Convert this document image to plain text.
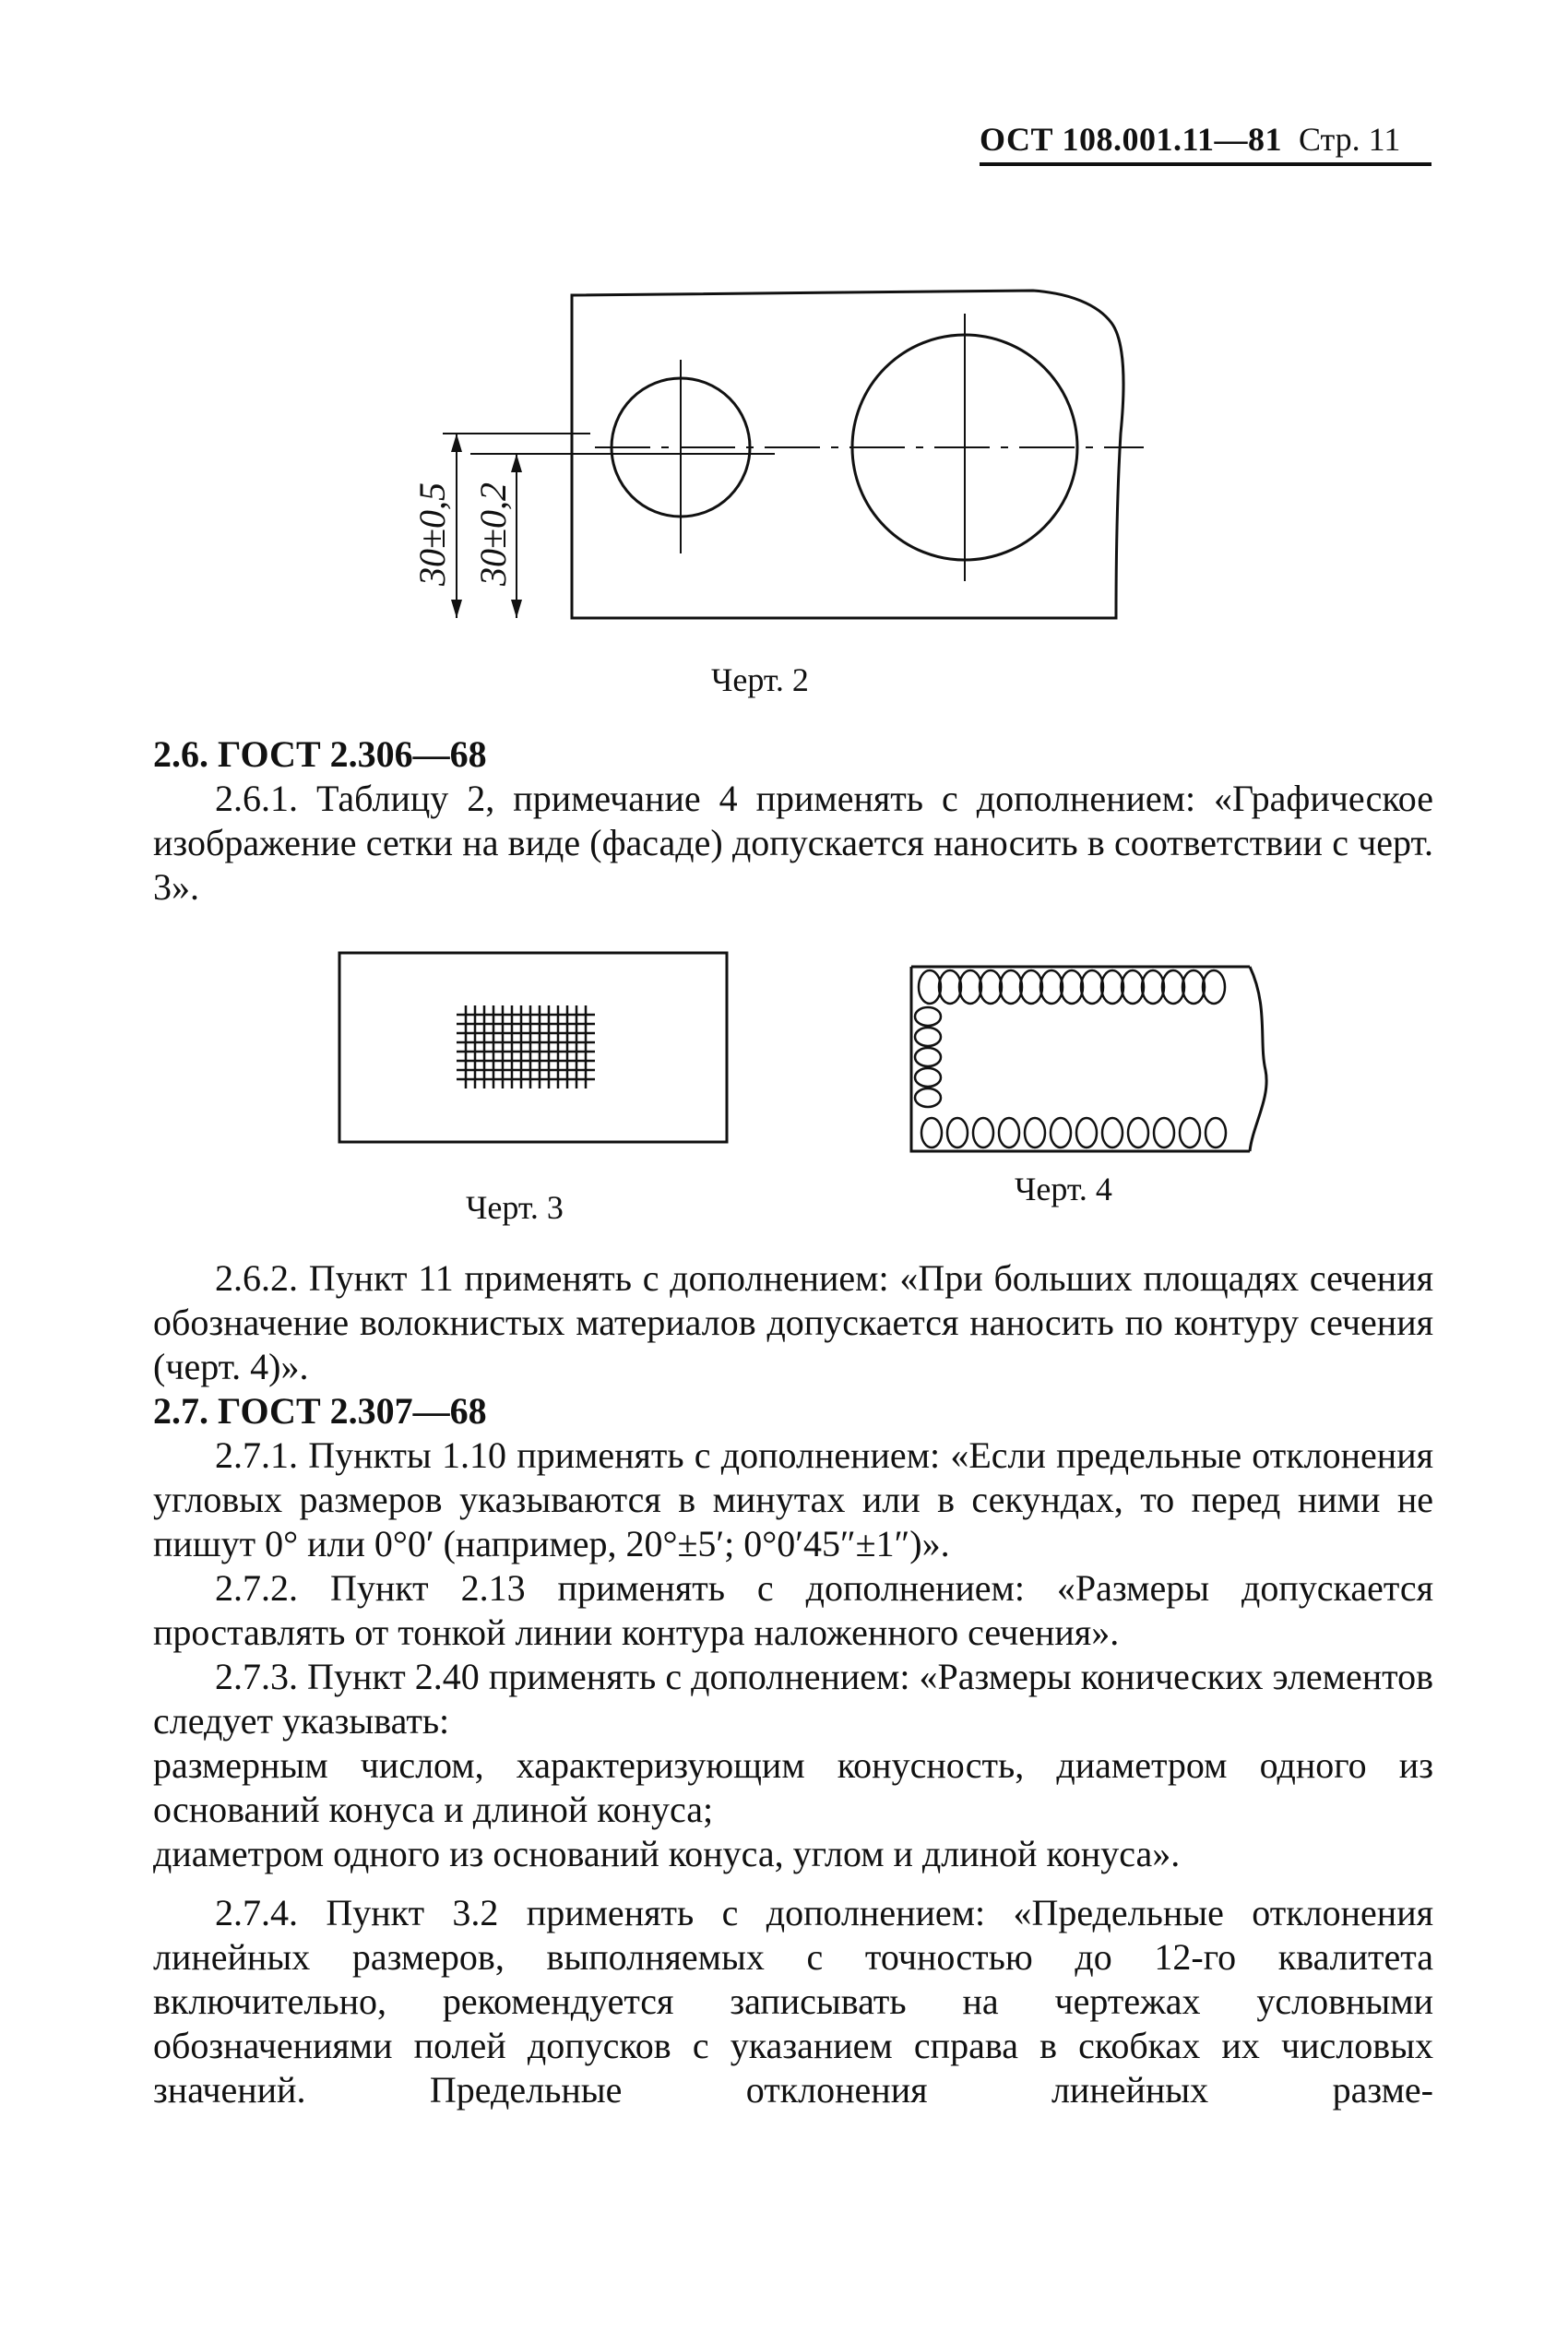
ОСТ 108.001.11—81 Стр. 11
30±0,5 30±0,2
Черт. 2

2.6. ГОСТ 2.306—68

2.6.1. Таблицу 2, примечание 4 применять с дополнением: «Графическое изображение сетки на виде (фасаде) допускается наносить в соответствии с черт. 3».

Черт. 3	Черт. 4

2.6.2. Пункт 11 применять с дополнением: «При больших площадях сечения обозначение волокнистых материалов допускается наносить по контуру сечения (черт. 4)».

2.7. ГОСТ 2.307—68

2.7.1. Пункты 1.10 применять с дополнением: «Если предельные отклонения угловых размеров указываются в минутах или в секундах, то перед ними не пишут 0° или 0°0′ (например, 20°±5′; 0°0′45″±1″)».

2.7.2. Пункт 2.13 применять с дополнением: «Размеры допускается проставлять от тонкой линии контура наложенного сечения».

2.7.3. Пункт 2.40 применять с дополнением: «Размеры конических элементов следует указывать:

размерным числом, характеризующим конусность, диаметром одного из оснований конуса и длиной конуса;

диаметром одного из оснований конуса, углом и длиной конуса».

2.7.4. Пункт 3.2 применять с дополнением: «Предельные отклонения линейных размеров, выполняемых с точностью до 12-го квалитета включительно, рекомендуется записывать на чертежах условными обозначениями полей допусков с указанием справа в скобках их числовых значений. Предельные отклонения линейных разме-
